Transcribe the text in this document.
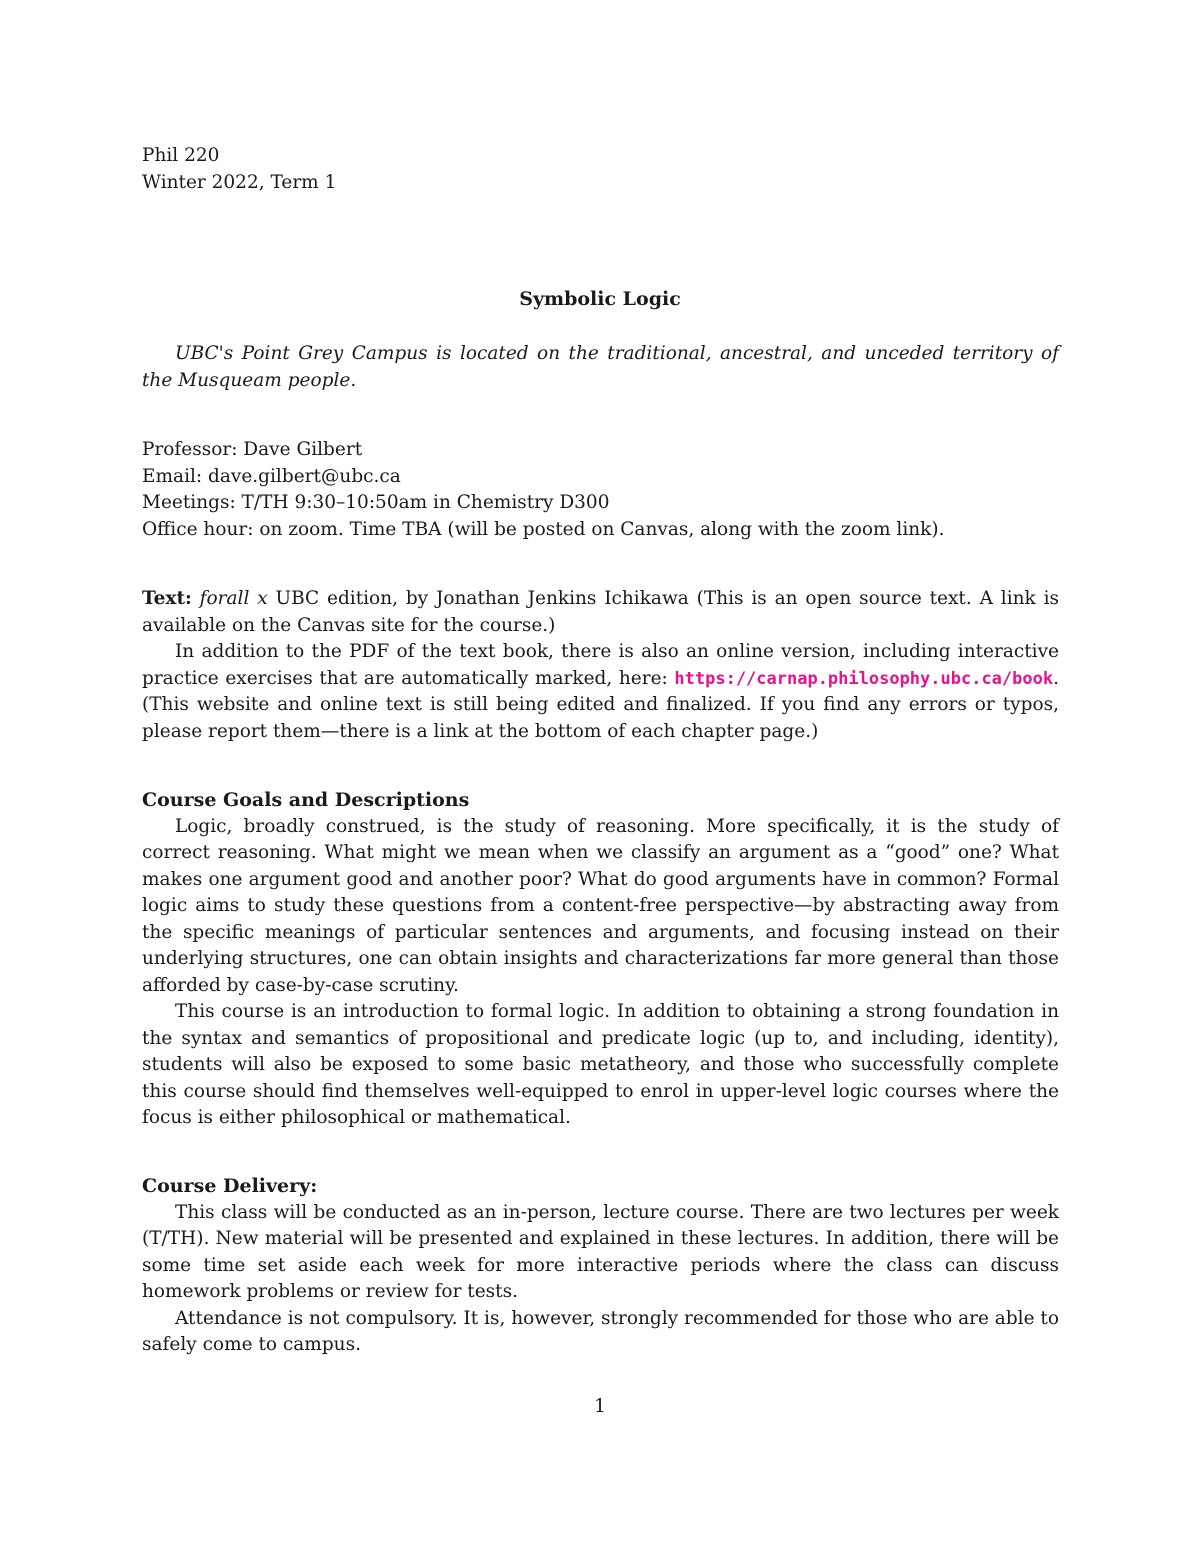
Phil 220
Winter 2022, Term 1
Symbolic Logic

UBC's Point Grey Campus is located on the traditional, ancestral, and unceded territory of the Musqueam people.

Professor: Dave Gilbert
Email: dave.gilbert@ubc.ca
Meetings: T/TH 9:30–10:50am in Chemistry D300
Office hour: on zoom. Time TBA (will be posted on Canvas, along with the zoom link).

Text: forall x UBC edition, by Jonathan Jenkins Ichikawa (This is an open source text. A link is available on the Canvas site for the course.)

In addition to the PDF of the text book, there is also an online version, including interactive practice exercises that are automatically marked, here: https://carnap.philosophy.ubc.ca/book. (This website and online text is still being edited and finalized. If you find any errors or typos, please report them—there is a link at the bottom of each chapter page.)

Course Goals and Descriptions

Logic, broadly construed, is the study of reasoning. More specifically, it is the study of correct reasoning. What might we mean when we classify an argument as a “good” one? What makes one argument good and another poor? What do good arguments have in common? Formal logic aims to study these questions from a content-free perspective—by abstracting away from the specific meanings of particular sentences and arguments, and focusing instead on their underlying structures, one can obtain insights and characterizations far more general than those afforded by case-by-case scrutiny.

This course is an introduction to formal logic. In addition to obtaining a strong foundation in the syntax and semantics of propositional and predicate logic (up to, and including, identity), students will also be exposed to some basic metatheory, and those who successfully complete this course should find themselves well-equipped to enrol in upper-level logic courses where the focus is either philosophical or mathematical.

Course Delivery:

This class will be conducted as an in-person, lecture course. There are two lectures per week (T/TH). New material will be presented and explained in these lectures. In addition, there will be some time set aside each week for more interactive periods where the class can discuss homework problems or review for tests.

Attendance is not compulsory. It is, however, strongly recommended for those who are able to safely come to campus.

1
